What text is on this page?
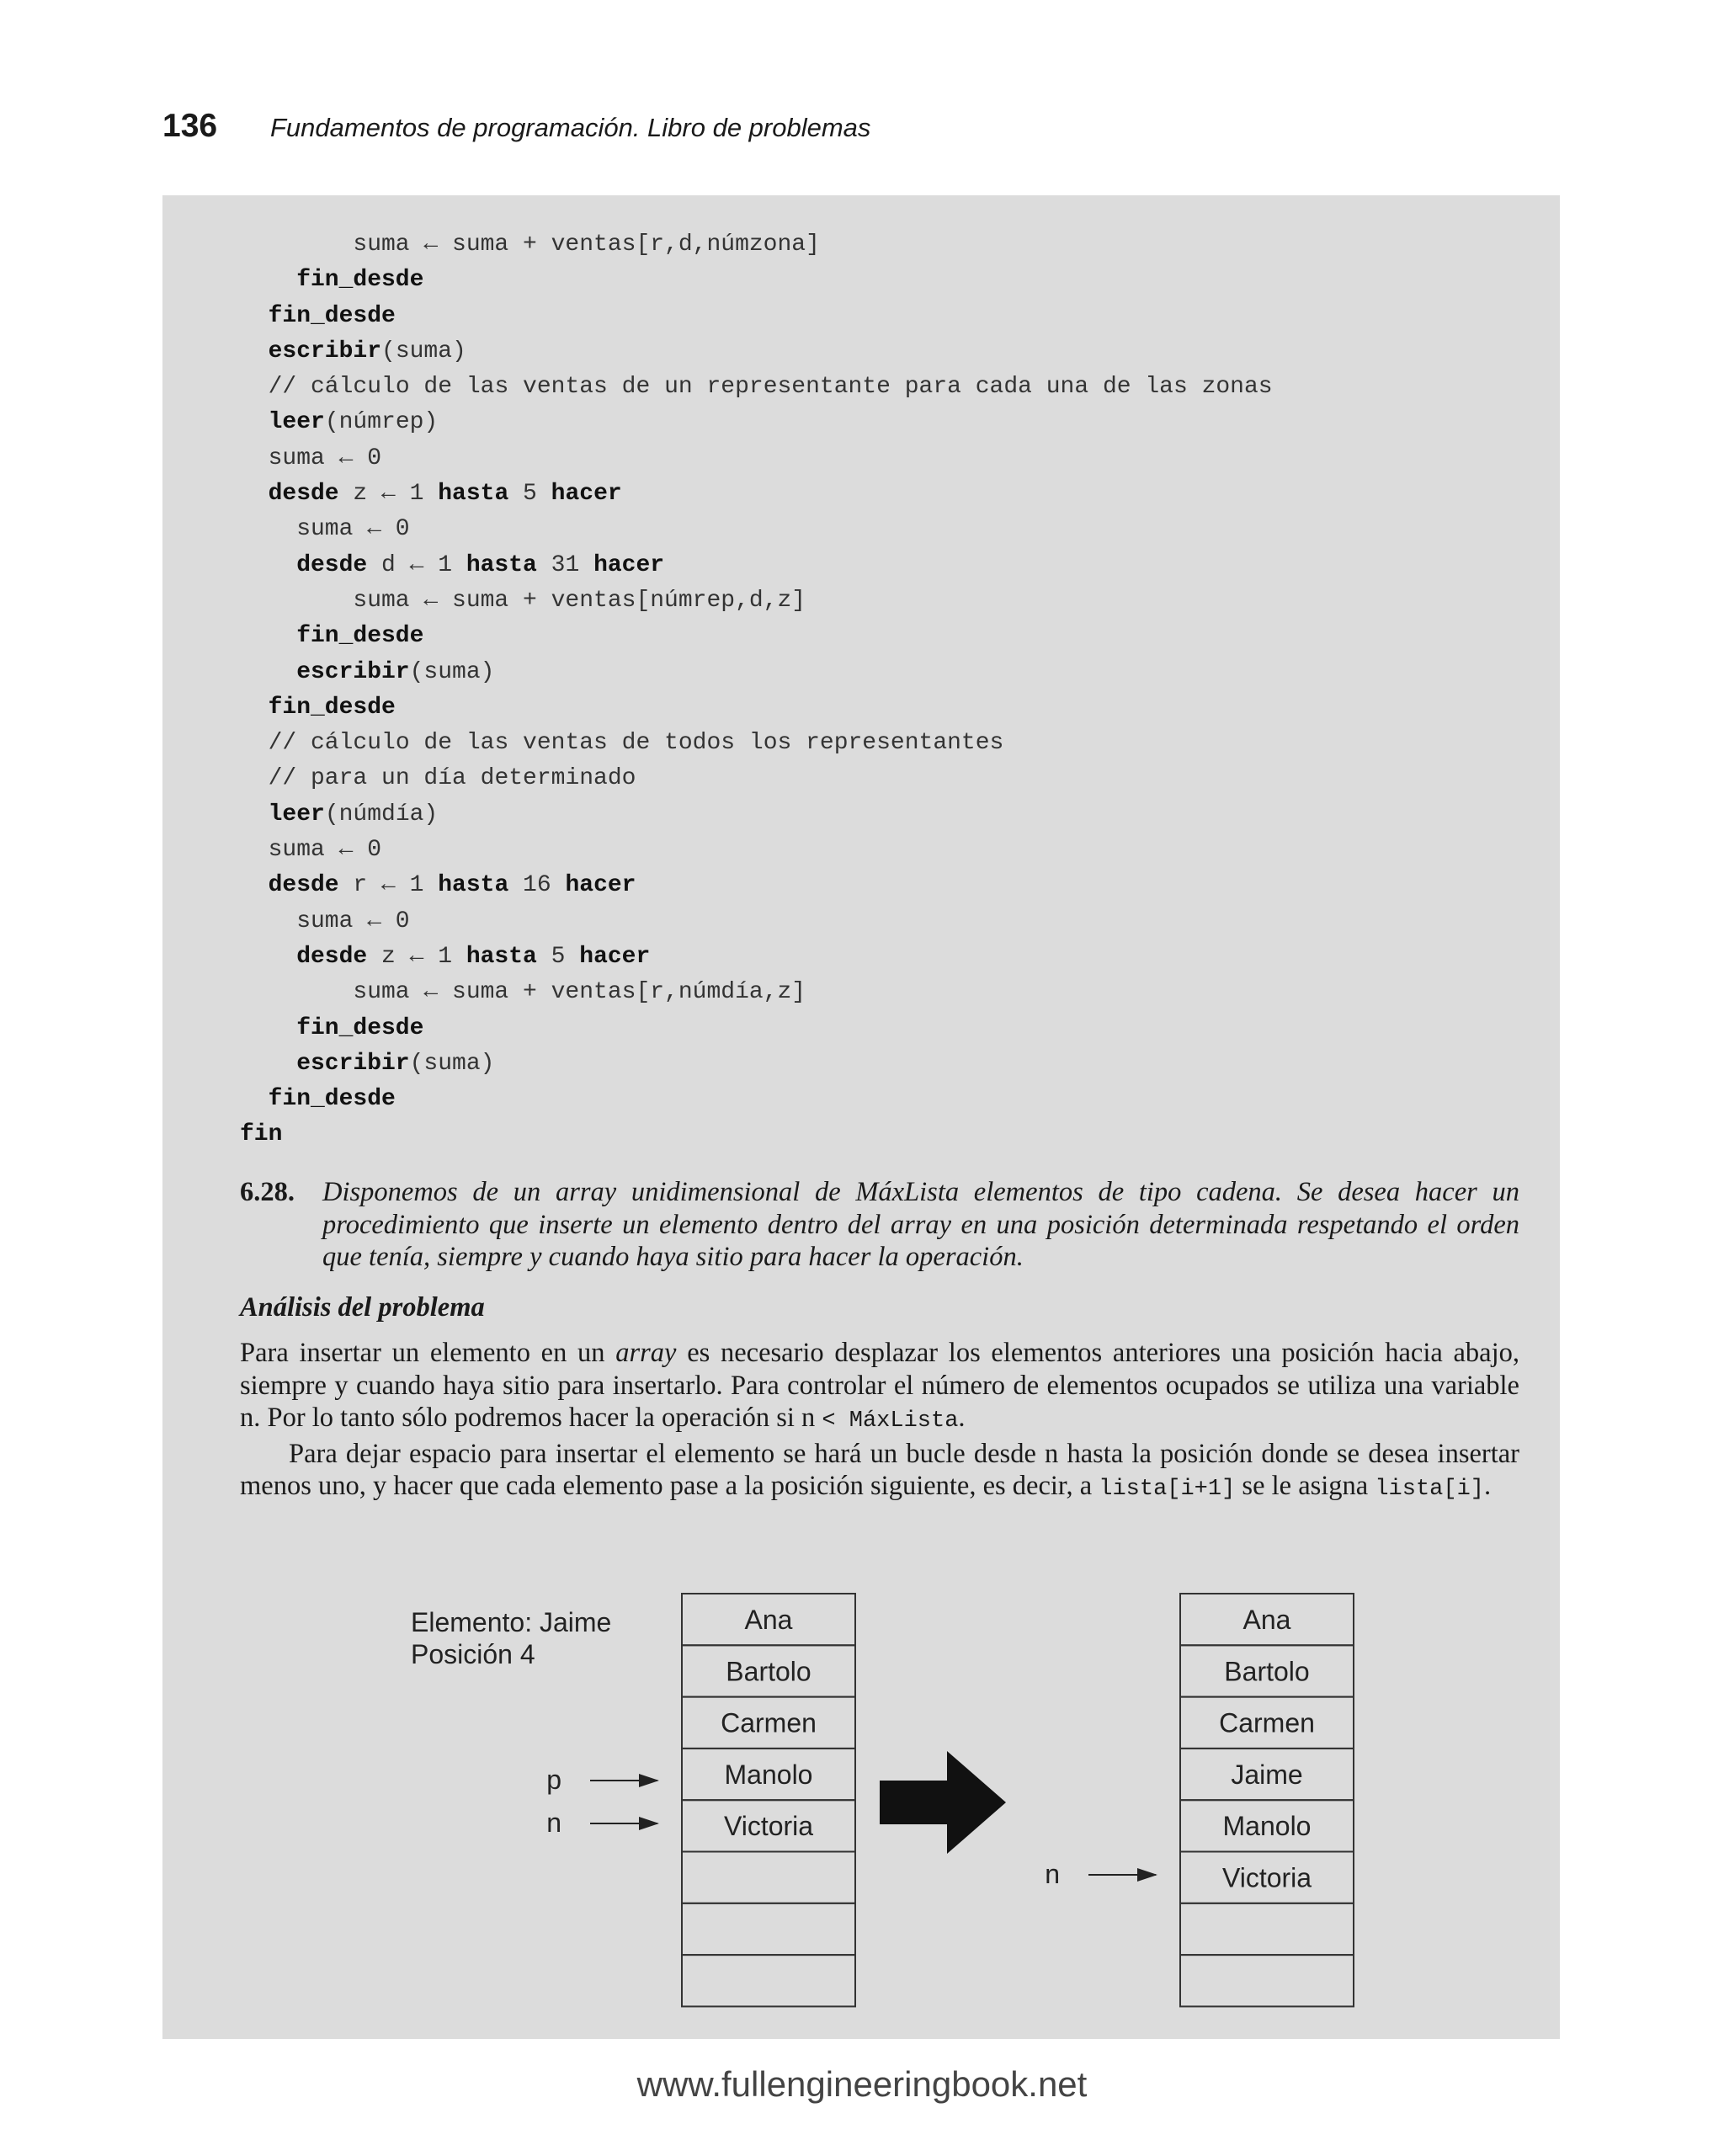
136	Fundamentos de programación. Libro de problemas
suma ← suma + ventas[r,d,númzona]
fin_desde
fin_desde
escribir(suma)
// cálculo de las ventas de un representante para cada una de las zonas
leer(númrep)
suma ← 0
desde z ← 1 hasta 5 hacer
suma ← 0
desde d ← 1 hasta 31 hacer
suma ← suma + ventas[númrep,d,z]
fin_desde
escribir(suma)
fin_desde
// cálculo de las ventas de todos los representantes
// para un día determinado
leer(númdía)
suma ← 0
desde r ← 1 hasta 16 hacer
suma ← 0
desde z ← 1 hasta 5 hacer
suma ← suma + ventas[r,númdía,z]
fin_desde
escribir(suma)
fin_desde
fin
6.28. Disponemos de un array unidimensional de MáxLista elementos de tipo cadena. Se desea hacer un procedimiento que inserte un elemento dentro del array en una posición determinada respetando el orden que tenía, siempre y cuando haya sitio para hacer la operación.
Análisis del problema

Para insertar un elemento en un array es necesario desplazar los elementos anteriores una posición hacia abajo, siempre y cuando haya sitio para insertarlo. Para controlar el número de elementos ocupados se utiliza una variable n. Por lo tanto sólo podremos hacer la operación si n < MáxLista.

Para dejar espacio para insertar el elemento se hará un bucle desde n hasta la posición donde se desea insertar menos uno, y hacer que cada elemento pase a la posición siguiente, es decir, a lista[i+1] se le asigna lista[i].

Elemento: Jaime
Posición 4
Ana
Bartolo
Carmen
Manolo
Victoria
Ana
Bartolo
Carmen
Jaime
Manolo
Victoria
p
n
n
www.fullengineeringbook.net
